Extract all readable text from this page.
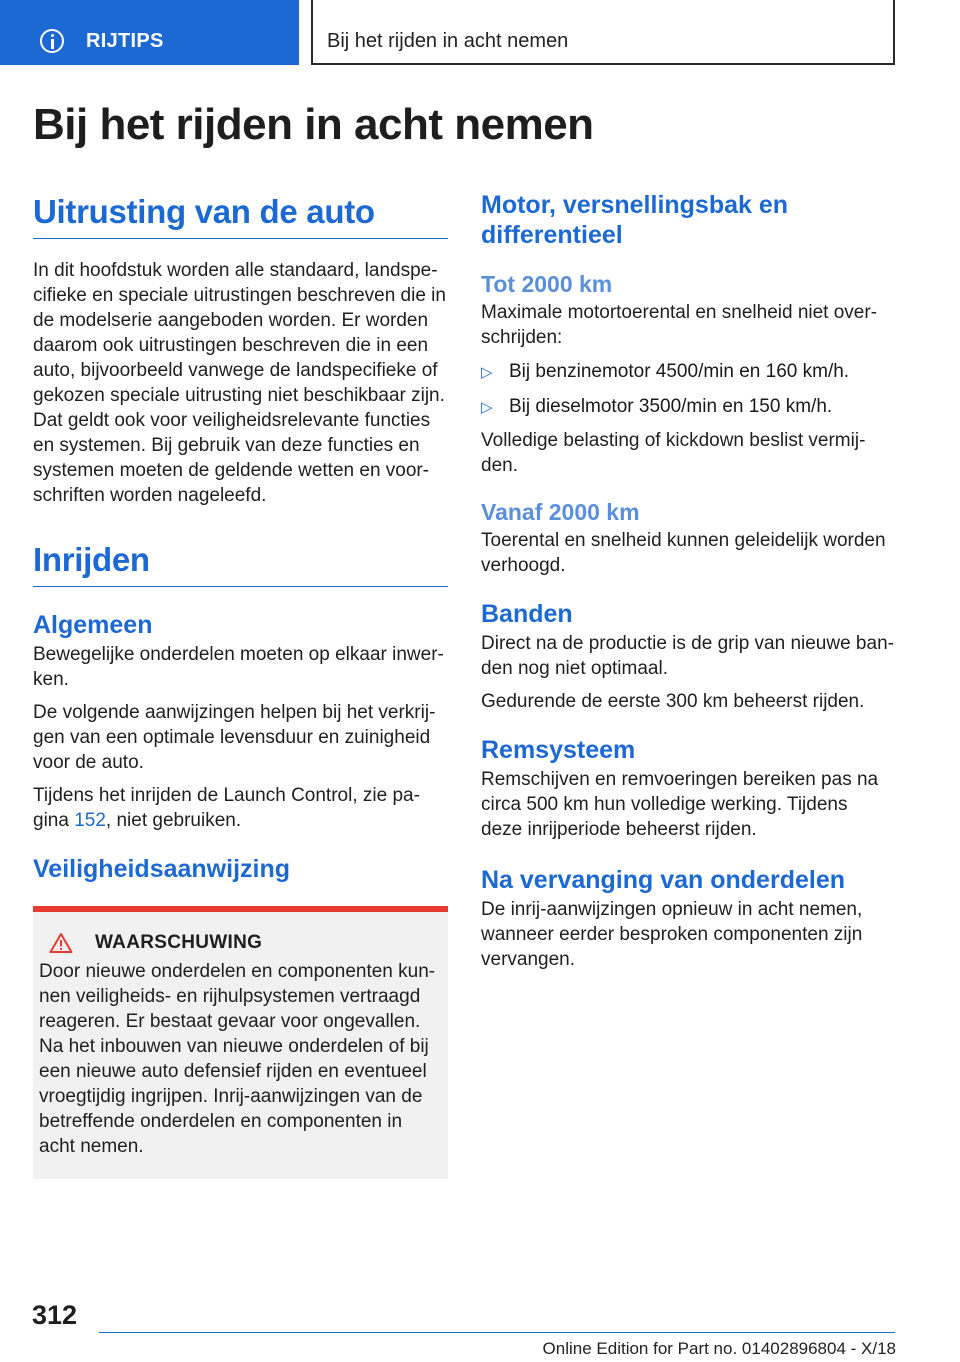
RIJTIPS	Bij het rijden in acht nemen
Bij het rijden in acht nemen
Uitrusting van de auto

In dit hoofdstuk worden alle standaard, landspe-
cifieke en speciale uitrustingen beschreven die in
de modelserie aangeboden worden. Er worden
daarom ook uitrustingen beschreven die in een
auto, bijvoorbeeld vanwege de landspecifieke of
gekozen speciale uitrusting niet beschikbaar zijn.
Dat geldt ook voor veiligheidsrelevante functies
en systemen. Bij gebruik van deze functies en
systemen moeten de geldende wetten en voor-
schriften worden nageleefd.

Inrijden
Algemeen

Bewegelijke onderdelen moeten op elkaar inwer-
ken.

De volgende aanwijzingen helpen bij het verkrij-
gen van een optimale levensduur en zuinigheid
voor de auto.

Tijdens het inrijden de Launch Control, zie pa-
gina 152, niet gebruiken.

Veiligheidsaanwijzing
WAARSCHUWING

Door nieuwe onderdelen en componenten kun-
nen veiligheids- en rijhulpsystemen vertraagd
reageren. Er bestaat gevaar voor ongevallen.
Na het inbouwen van nieuwe onderdelen of bij
een nieuwe auto defensief rijden en eventueel
vroegtijdig ingrijpen. Inrij-aanwijzingen van de
betreffende onderdelen en componenten in
acht nemen.

Motor, versnellingsbak en
differentieel
Tot 2000 km

Maximale motortoerental en snelheid niet over-
schrijden:

▷ Bij benzinemotor 4500/min en 160 km/h.
▷ Bij dieselmotor 3500/min en 150 km/h.

Volledige belasting of kickdown beslist vermij-
den.

Vanaf 2000 km

Toerental en snelheid kunnen geleidelijk worden
verhoogd.

Banden

Direct na de productie is de grip van nieuwe ban-
den nog niet optimaal.

Gedurende de eerste 300 km beheerst rijden.

Remsysteem

Remschijven en remvoeringen bereiken pas na
circa 500 km hun volledige werking. Tijdens
deze inrijperiode beheerst rijden.

Na vervanging van onderdelen

De inrij-aanwijzingen opnieuw in acht nemen,
wanneer eerder besproken componenten zijn
vervangen.

312
Online Edition for Part no. 01402896804 - X/18
